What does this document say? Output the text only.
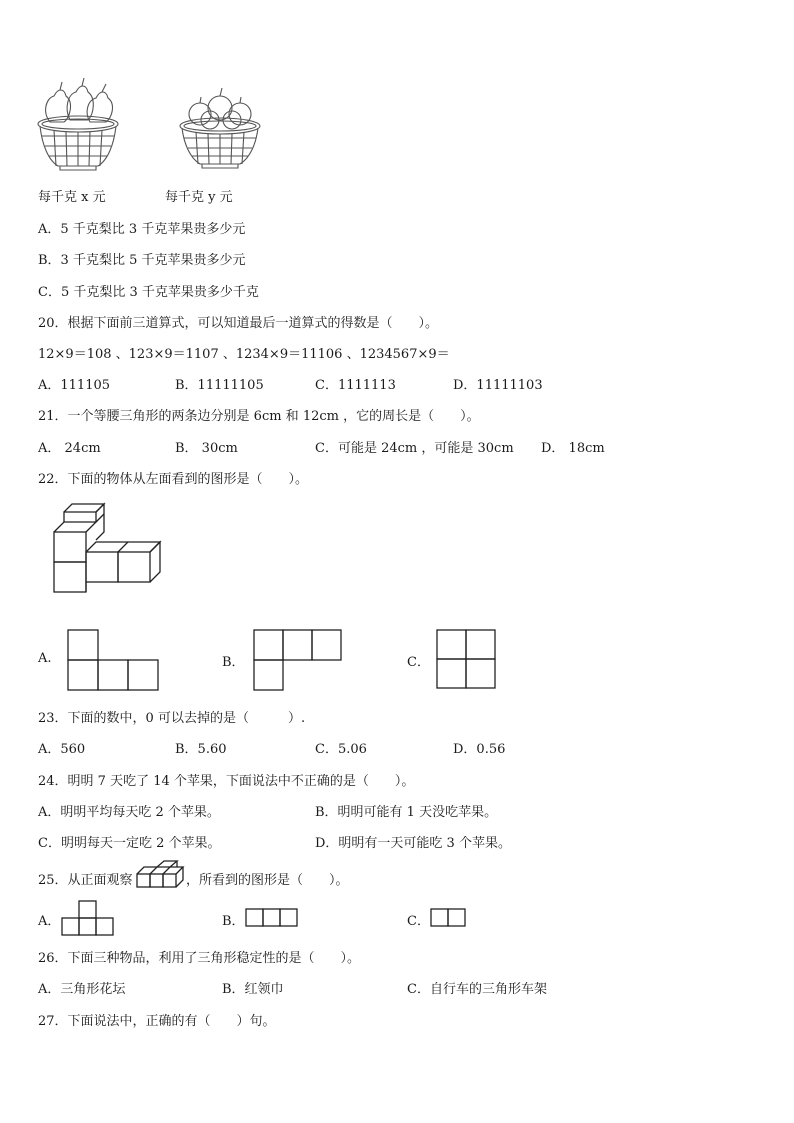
每千克 x 元	每千克 y 元
A．5 千克梨比 3 千克苹果贵多少元
B．3 千克梨比 5 千克苹果贵多少元
C．5 千克梨比 3 千克苹果贵多少千克
20．根据下面前三道算式，可以知道最后一道算式的得数是（　　）。
12×9＝108 、123×9＝1107 、1234×9＝11106 、1234567×9＝
A．111105	B．11111105	C．1111113	D．11111103
21．一个等腰三角形的两条边分别是 6cm 和 12cm ，它的周长是（　　）。
A． 24cm	B． 30cm	C．可能是 24cm ，可能是 30cm D． 18cm
22．下面的物体从左面看到的图形是（　　）。
A.	B．	C．
23．下面的数中，0 可以去掉的是（　　　）.
A．560	B．5.60	C．5.06	D．0.56
24．明明 7 天吃了 14 个苹果，下面说法中不正确的是（　　）。
A．明明平均每天吃 2 个苹果。	B．明明可能有 1 天没吃苹果。
C．明明每天一定吃 2 个苹果。	D．明明有一天可能吃 3 个苹果。
25．从正面观察	，所看到的图形是（　　）。
A．	B．	C．
26．下面三种物品，利用了三角形稳定性的是（　　）。
A．三角形花坛	B．红领巾	C．自行车的三角形车架
27．下面说法中，正确的有（　　）句。
